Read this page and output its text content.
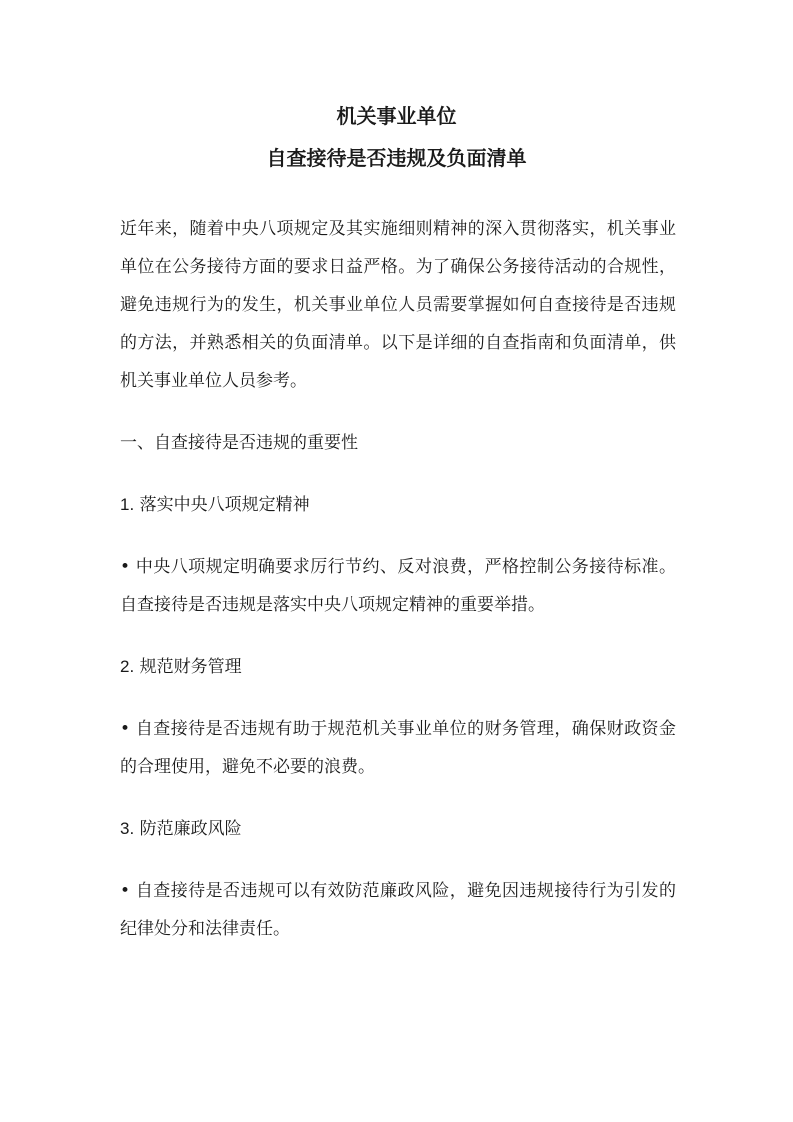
机关事业单位
自查接待是否违规及负面清单

近年来，随着中央八项规定及其实施细则精神的深入贯彻落实，机关事业单位在公务接待方面的要求日益严格。为了确保公务接待活动的合规性，避免违规行为的发生，机关事业单位人员需要掌握如何自查接待是否违规的方法，并熟悉相关的负面清单。以下是详细的自查指南和负面清单，供机关事业单位人员参考。

一、自查接待是否违规的重要性

1. 落实中央八项规定精神

• 中央八项规定明确要求厉行节约、反对浪费，严格控制公务接待标准。自查接待是否违规是落实中央八项规定精神的重要举措。

2. 规范财务管理

• 自查接待是否违规有助于规范机关事业单位的财务管理，确保财政资金的合理使用，避免不必要的浪费。

3. 防范廉政风险

• 自查接待是否违规可以有效防范廉政风险，避免因违规接待行为引发的纪律处分和法律责任。
